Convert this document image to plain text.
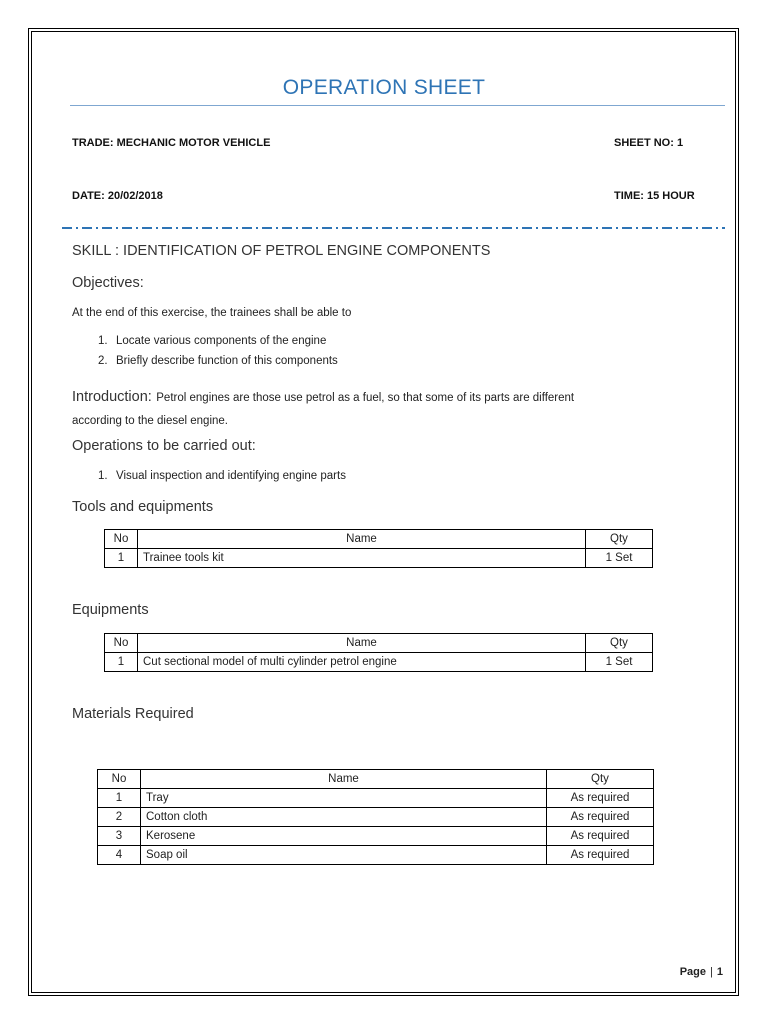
OPERATION SHEET
TRADE: MECHANIC MOTOR VEHICLE	SHEET NO: 1
DATE: 20/02/2018	TIME: 15 HOUR
SKILL : IDENTIFICATION OF PETROL ENGINE COMPONENTS
Objectives:
At the end of this exercise, the trainees shall be able to
1. Locate various components of the engine
2. Briefly describe function of this components
Introduction: Petrol engines are those use petrol as a fuel, so that some of its parts are different
according to the diesel engine.
Operations to be carried out:
1. Visual inspection and identifying engine parts
Tools and equipments
No	Name	Qty
1	Trainee tools kit	1 Set
Equipments
No	Name	Qty
1	Cut sectional model of multi cylinder petrol engine	1 Set
Materials Required
No	Name	Qty
1	Tray	As required
2	Cotton cloth	As required
3	Kerosene	As required
4	Soap oil	As required
Page | 1
